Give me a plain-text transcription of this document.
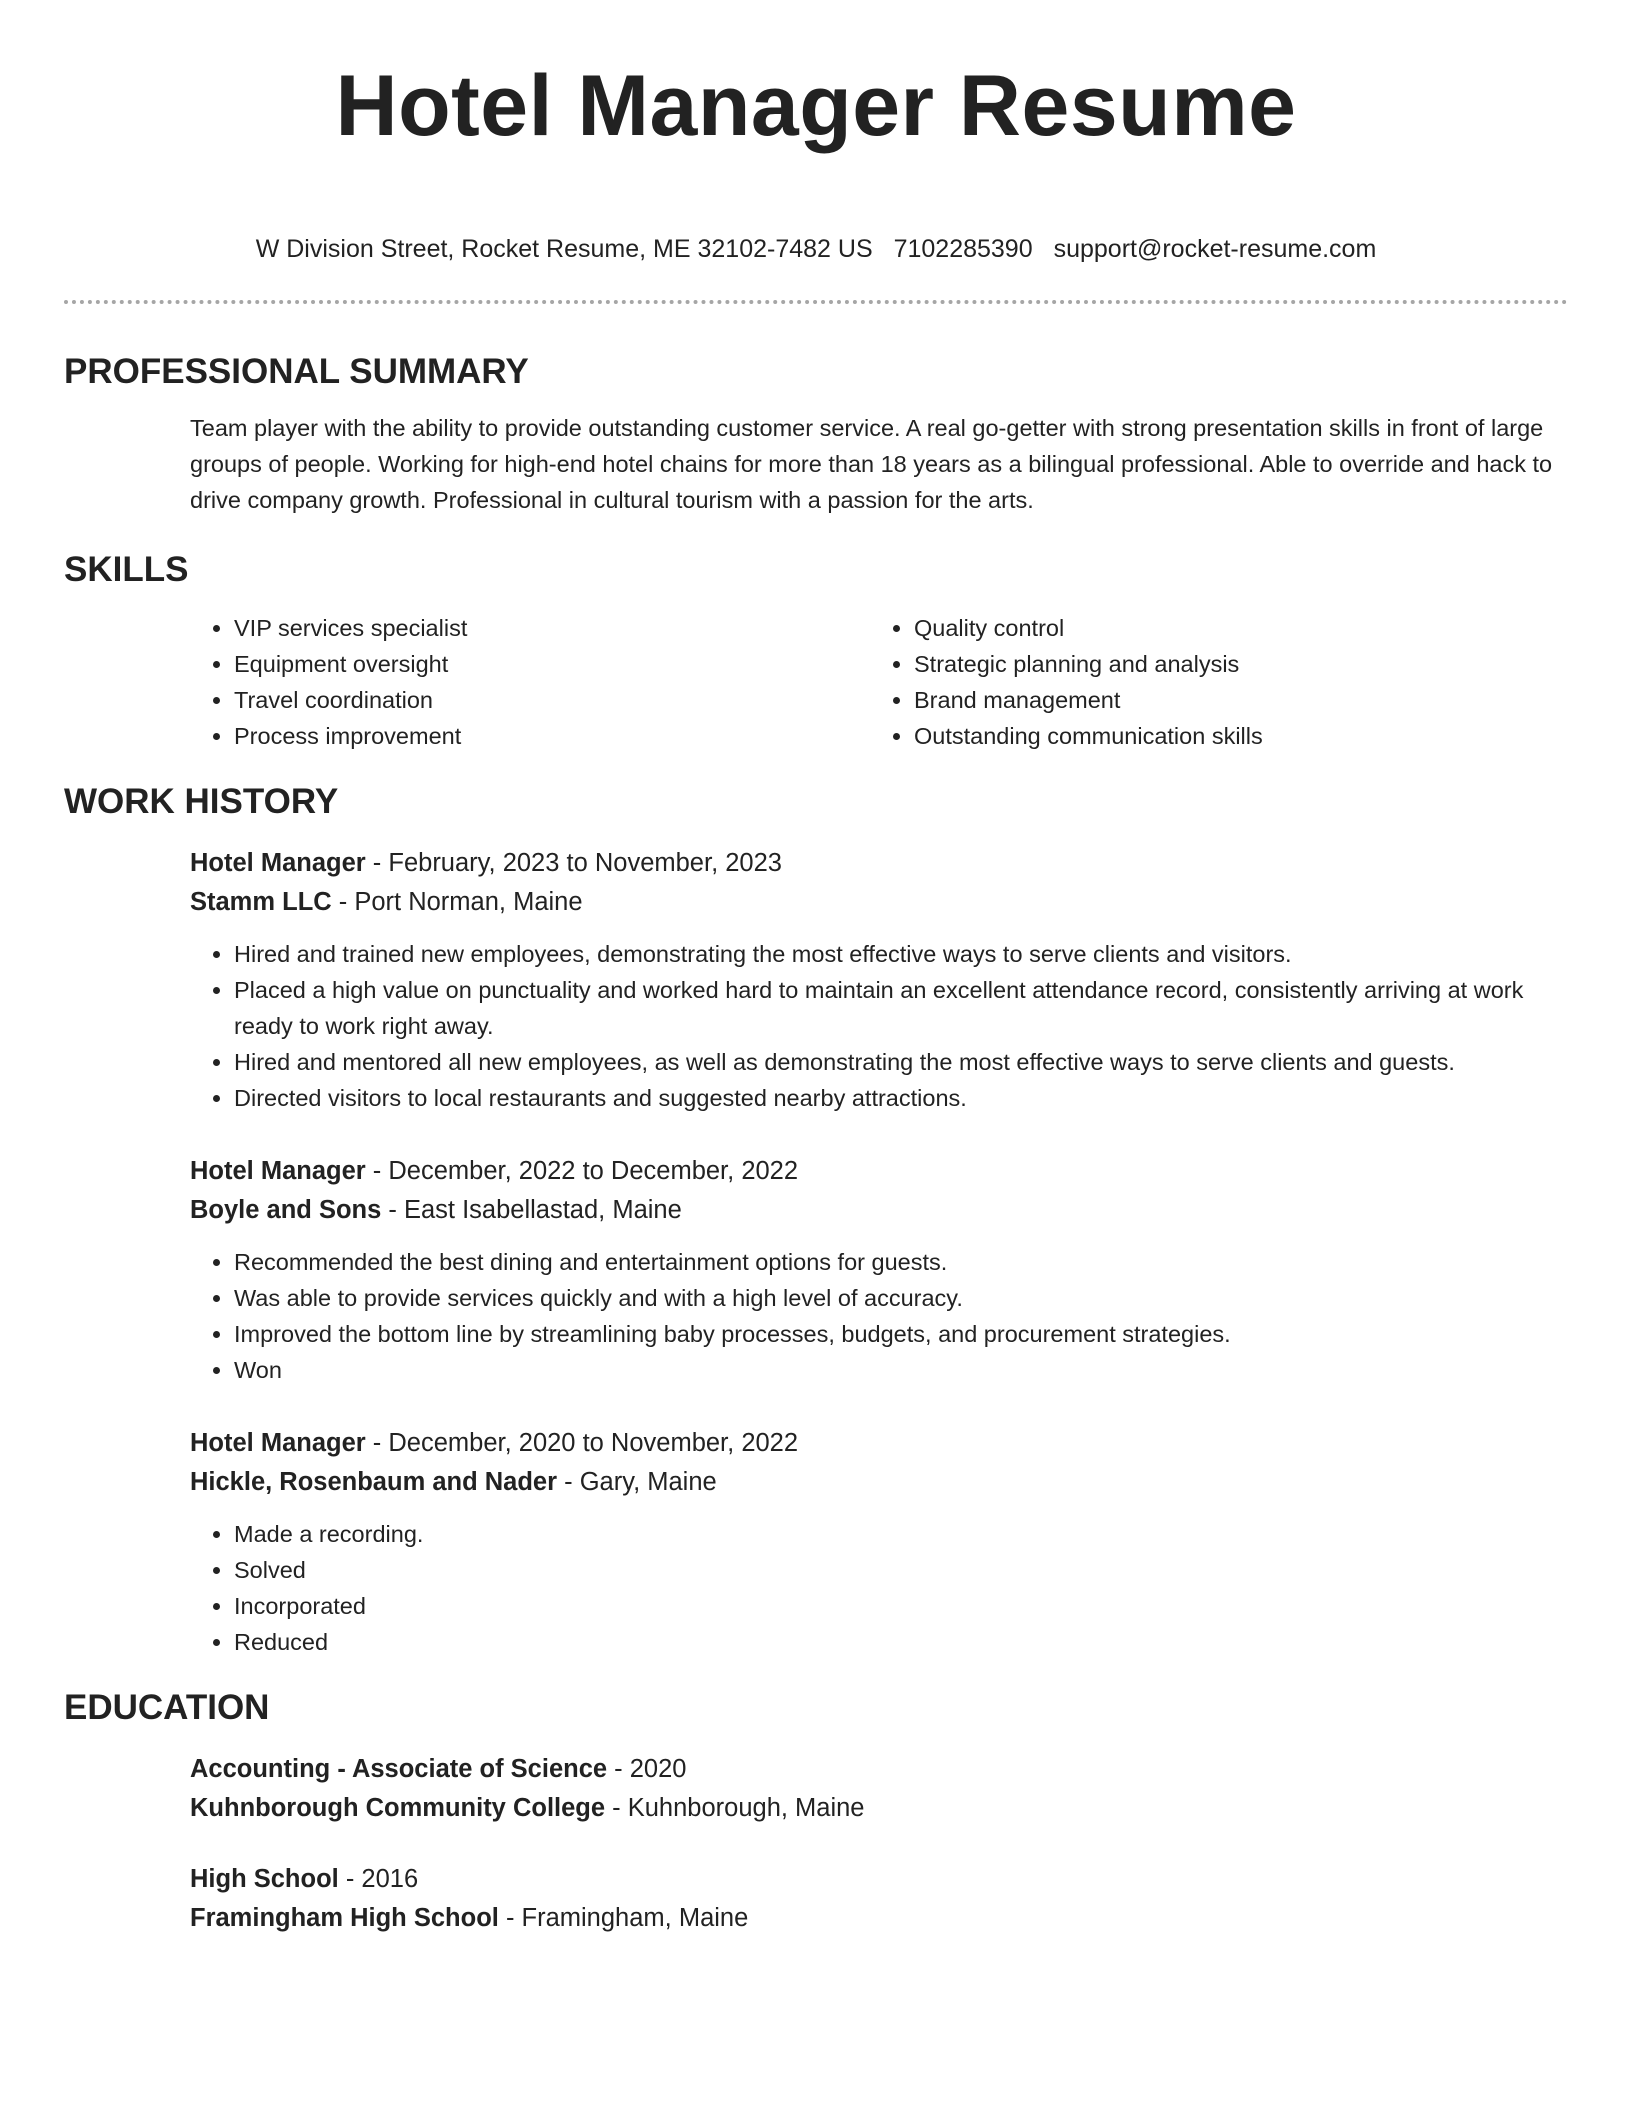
Hotel Manager Resume
W Division Street, Rocket Resume, ME 32102-7482 US 7102285390 support@rocket-resume.com
PROFESSIONAL SUMMARY
Team player with the ability to provide outstanding customer service. A real go-getter with strong presentation skills in front of large groups of people. Working for high-end hotel chains for more than 18 years as a bilingual professional. Able to override and hack to drive company growth. Professional in cultural tourism with a passion for the arts.
SKILLS
• VIP services specialist
• Equipment oversight
• Travel coordination
• Process improvement
• Quality control
• Strategic planning and analysis
• Brand management
• Outstanding communication skills
WORK HISTORY
Hotel Manager - February, 2023 to November, 2023
Stamm LLC - Port Norman, Maine
• Hired and trained new employees, demonstrating the most effective ways to serve clients and visitors.
• Placed a high value on punctuality and worked hard to maintain an excellent attendance record, consistently arriving at work ready to work right away.
• Hired and mentored all new employees, as well as demonstrating the most effective ways to serve clients and guests.
• Directed visitors to local restaurants and suggested nearby attractions.
Hotel Manager - December, 2022 to December, 2022
Boyle and Sons - East Isabellastad, Maine
• Recommended the best dining and entertainment options for guests.
• Was able to provide services quickly and with a high level of accuracy.
• Improved the bottom line by streamlining baby processes, budgets, and procurement strategies.
• Won
Hotel Manager - December, 2020 to November, 2022
Hickle, Rosenbaum and Nader - Gary, Maine
• Made a recording.
• Solved
• Incorporated
• Reduced
EDUCATION
Accounting - Associate of Science - 2020
Kuhnborough Community College - Kuhnborough, Maine
High School - 2016
Framingham High School - Framingham, Maine
